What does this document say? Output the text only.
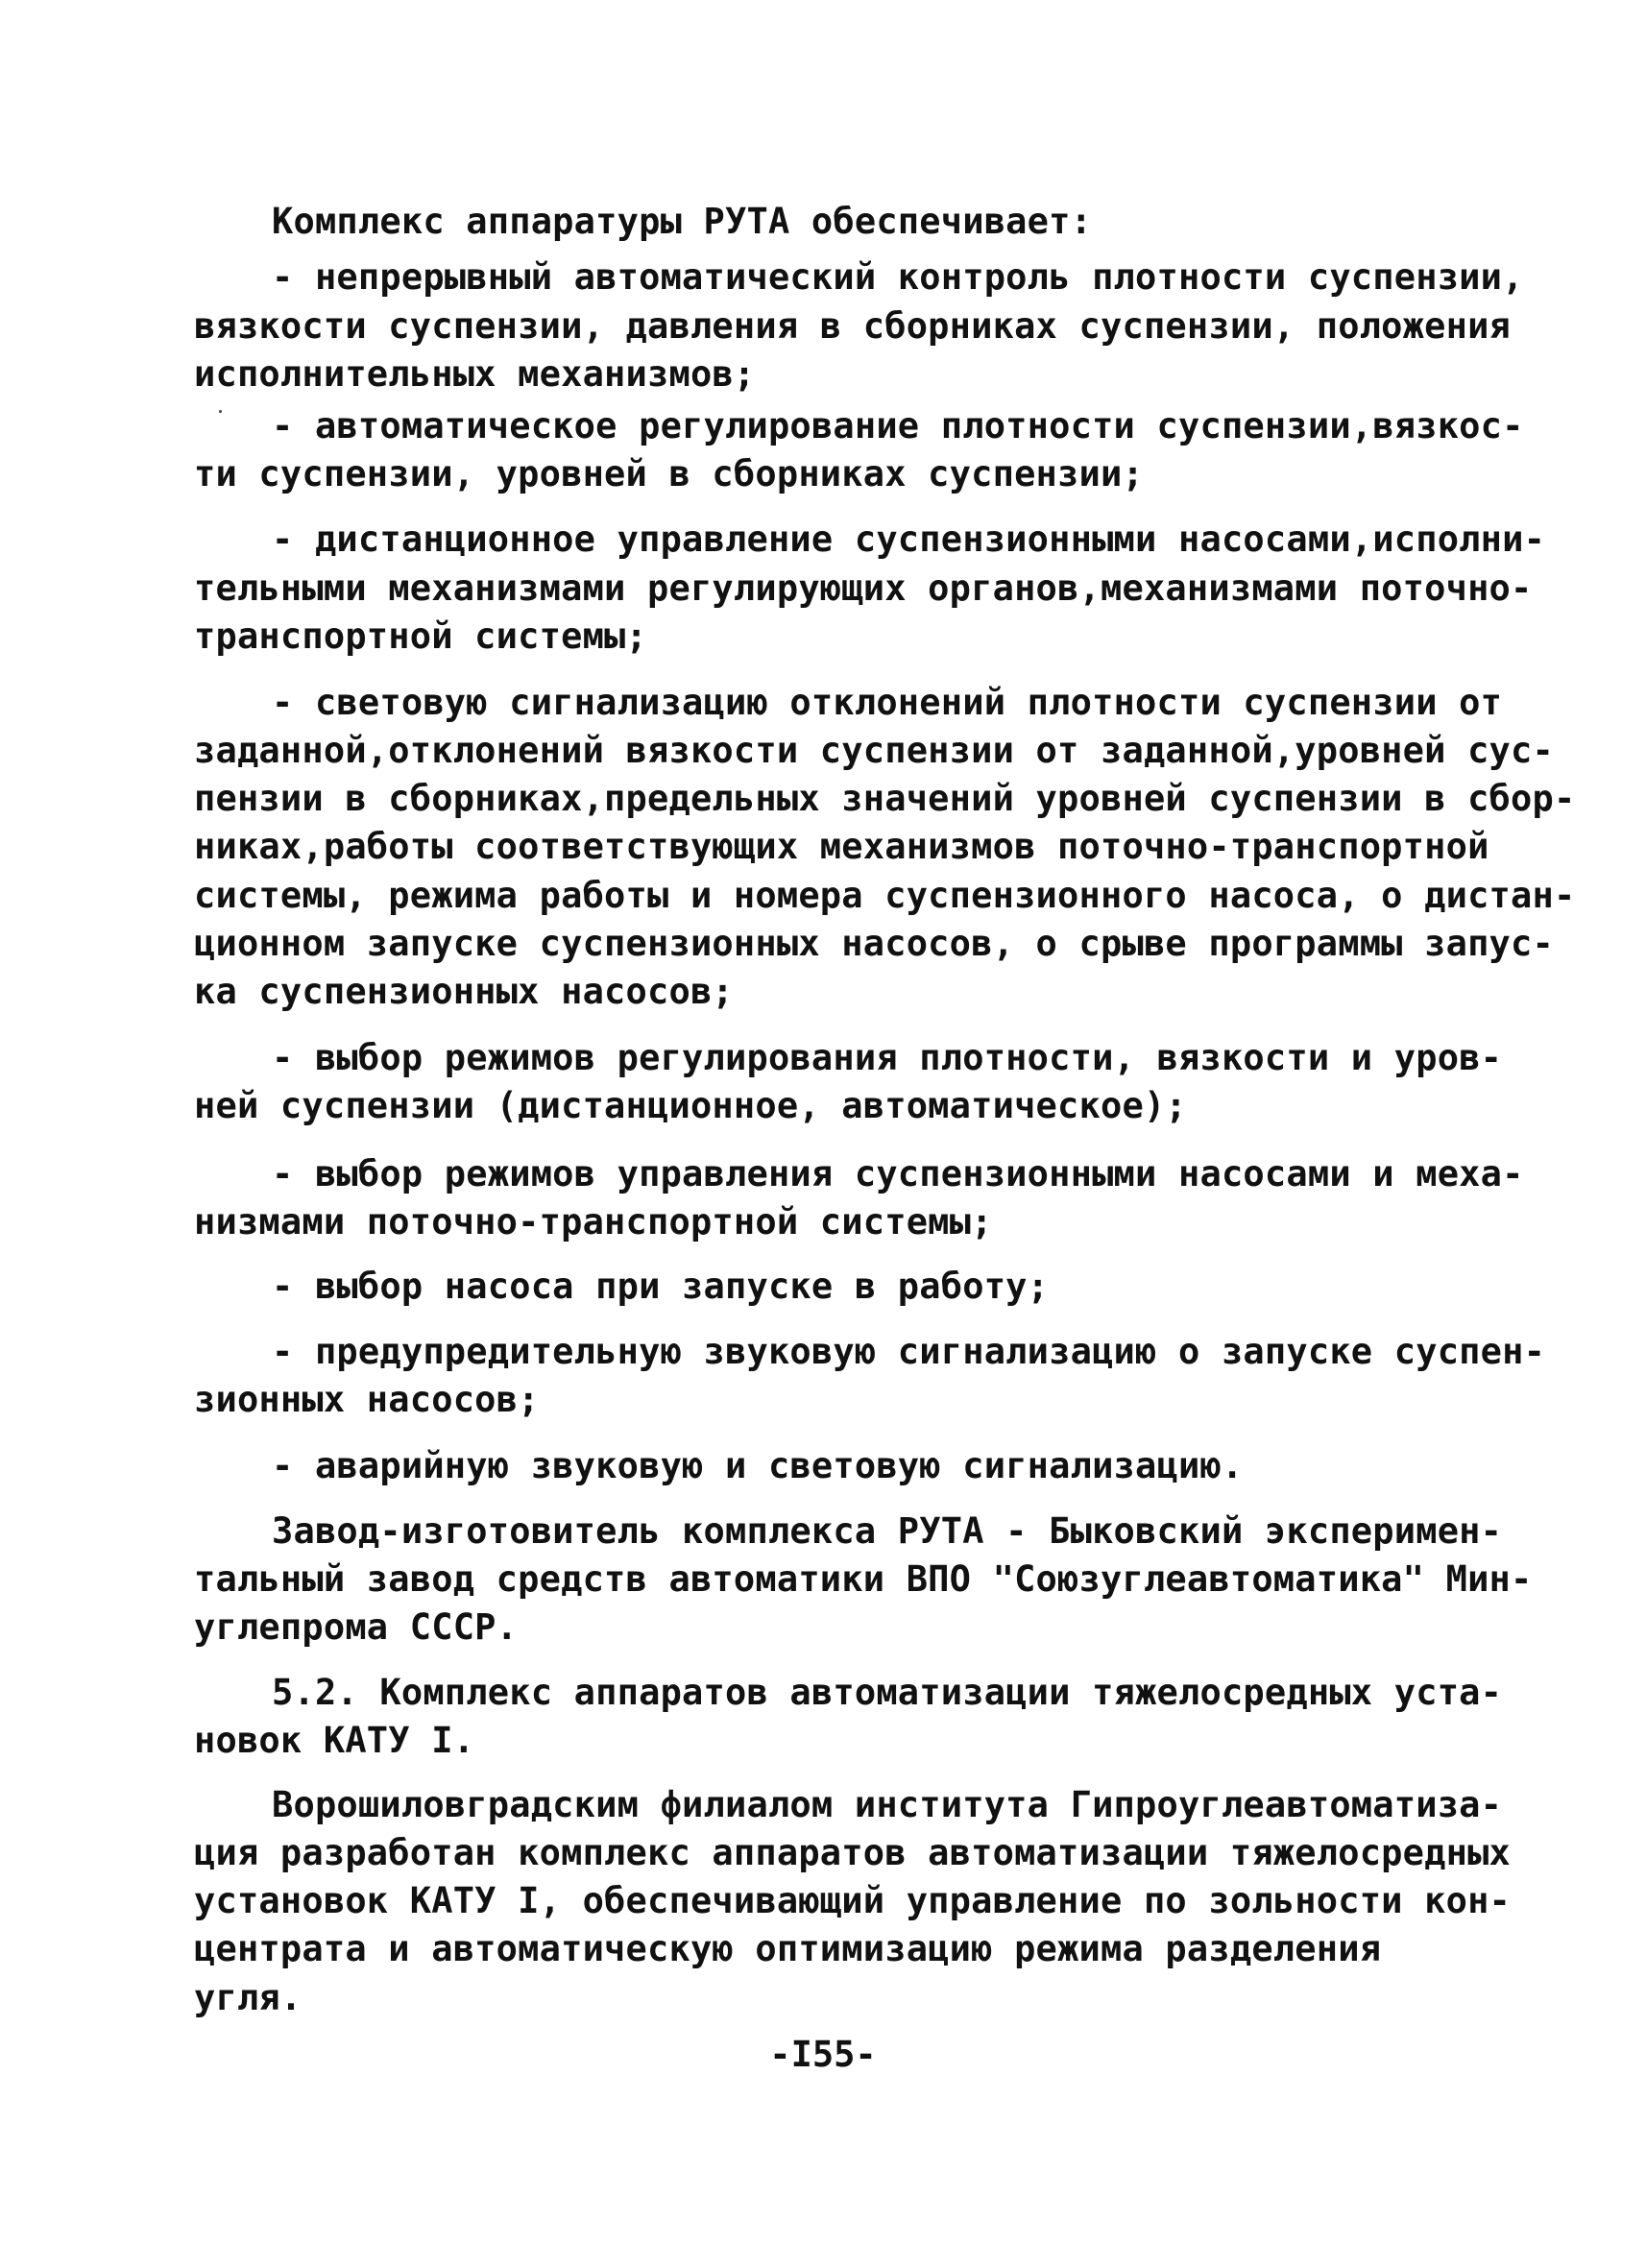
Комплекс аппаратуры РУТА обеспечивает:
- непрерывный автоматический контроль плотности суспензии,
вязкости суспензии, давления в сборниках суспензии, положения
исполнительных механизмов;
- автоматическое регулирование плотности суспензии,вязкос-
ти суспензии, уровней в сборниках суспензии;
- дистанционное управление суспензионными насосами,исполни-
тельными механизмами регулирующих органов,механизмами поточно-
транспортной системы;
- световую сигнализацию отклонений плотности суспензии от
заданной,отклонений вязкости суспензии от заданной,уровней сус-
пензии в сборниках,предельных значений уровней суспензии в сбор-
никах,работы соответствующих механизмов поточно-транспортной
системы, режима работы и номера суспензионного насоса, о дистан-
ционном запуске суспензионных насосов, о срыве программы запус-
ка суспензионных насосов;
- выбор режимов регулирования плотности, вязкости и уров-
ней суспензии (дистанционное, автоматическое);
- выбор режимов управления суспензионными насосами и меха-
низмами поточно-транспортной системы;
- выбор насоса при запуске в работу;
- предупредительную звуковую сигнализацию о запуске суспен-
зионных насосов;
- аварийную звуковую и световую сигнализацию.
Завод-изготовитель комплекса РУТА - Быковский эксперимен-
тальный завод средств автоматики ВПО "Союзуглеавтоматика" Мин-
углепрома СССР.
5.2. Комплекс аппаратов автоматизации тяжелосредных уста-
новок КАТУ I.
Ворошиловградским филиалом института Гипроуглеавтоматиза-
ция разработан комплекс аппаратов автоматизации тяжелосредных
установок КАТУ I, обеспечивающий управление по зольности кон-
центрата и автоматическую оптимизацию режима разделения
угля.
-I55-
